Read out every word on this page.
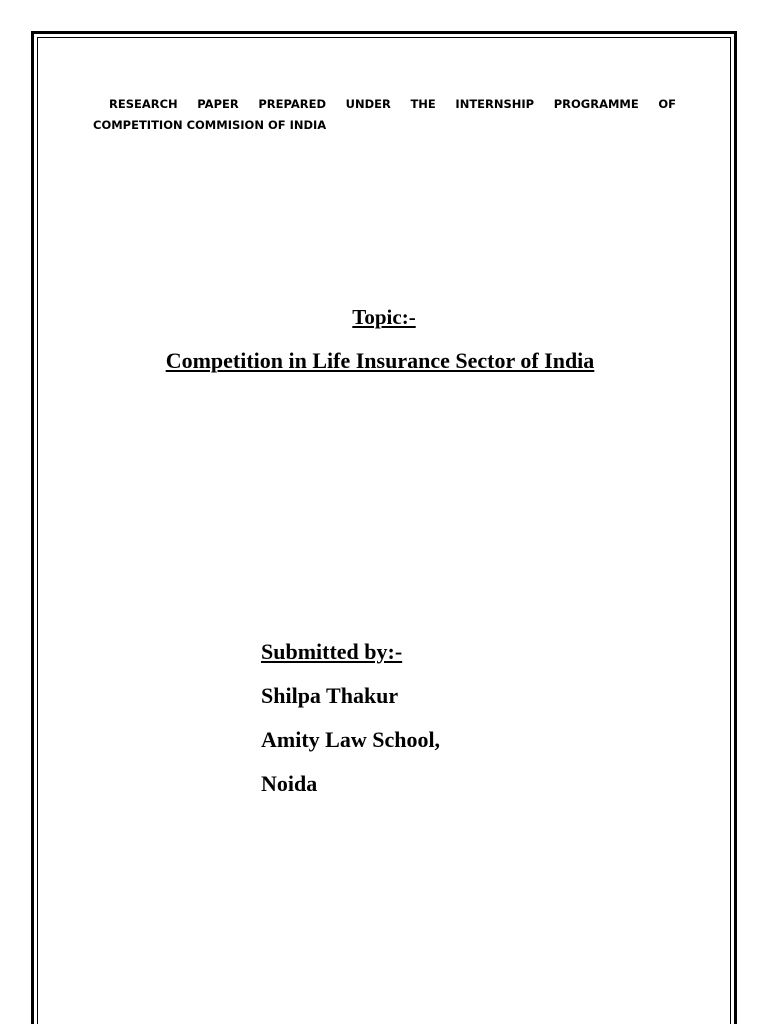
RESEARCH PAPER PREPARED UNDER THE INTERNSHIP PROGRAMME OF
COMPETITION COMMISION OF INDIA
Topic:-
Competition in Life Insurance Sector of India
Submitted by:-
Shilpa Thakur
Amity Law School,
Noida
